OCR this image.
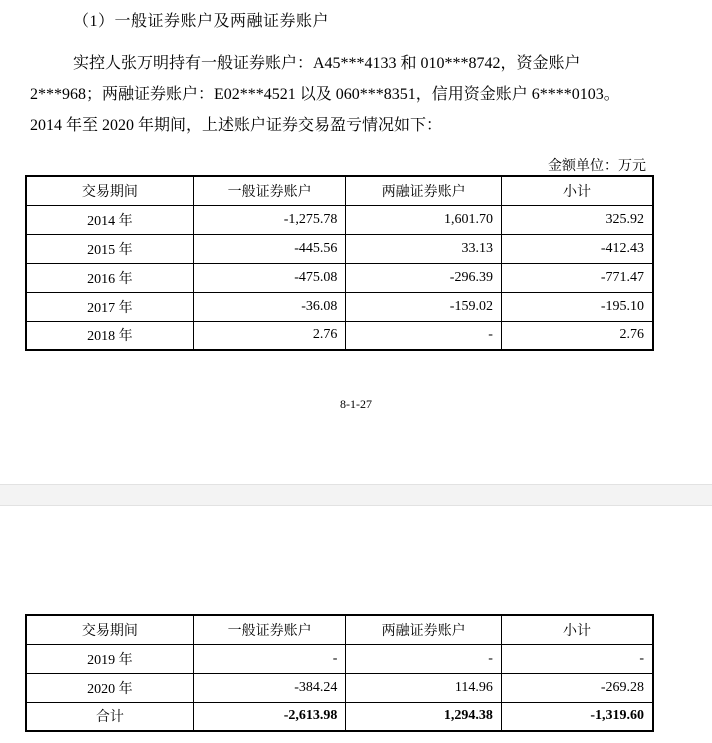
（1）一般证券账户及两融证券账户
实控人张万明持有一般证券账户：A45***4133 和 010***8742，资金账户
2***968；两融证券账户：E02***4521 以及 060***8351，信用资金账户 6****0103。
2014 年至 2020 年期间，上述账户证券交易盈亏情况如下：
金额单位：万元
交易期间	一般证券账户	两融证券账户	小计
2014 年	-1,275.78	1,601.70	325.92
2015 年	-445.56	33.13	-412.43
2016 年	-475.08	-296.39	-771.47
2017 年	-36.08	-159.02	-195.10
2018 年	2.76	-	2.76
8-1-27
交易期间	一般证券账户	两融证券账户	小计
2019 年	-	-	-
2020 年	-384.24	114.96	-269.28
合计	-2,613.98	1,294.38	-1,319.60
